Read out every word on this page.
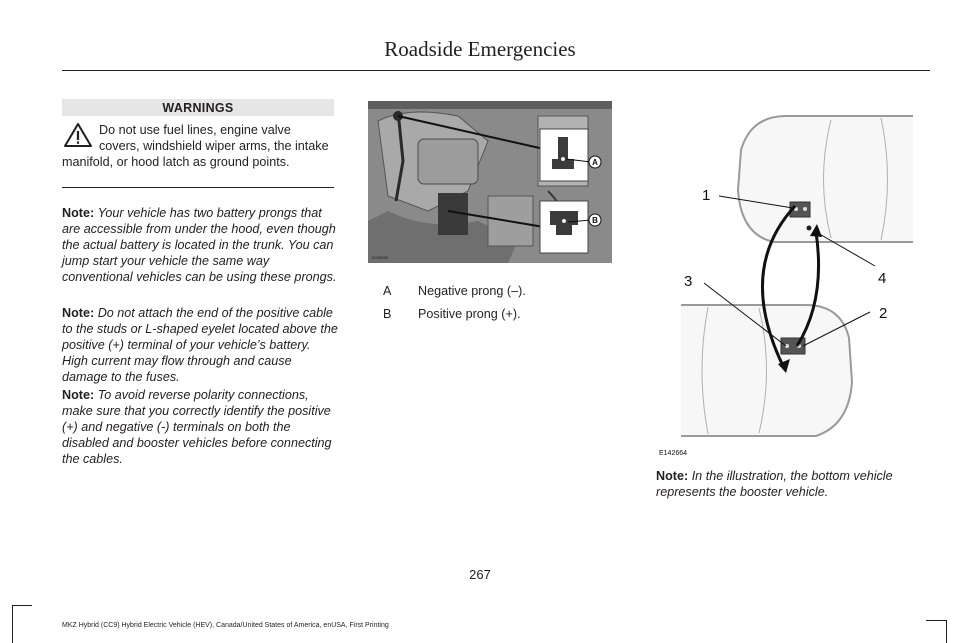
Roadside Emergencies
WARNINGS
Do not use fuel lines, engine valve covers, windshield wiper arms, the intake manifold, or hood latch as ground points.
Note: Your vehicle has two battery prongs that are accessible from under the hood, even though the actual battery is located in the trunk. You can jump start your vehicle the same way conventional vehicles can be using these prongs.
Note: Do not attach the end of the positive cable to the studs or L-shaped eyelet located above the positive (+) terminal of your vehicle’s battery. High current may flow through and cause damage to the fuses.
Note: To avoid reverse polarity connections, make sure that you correctly identify the positive (+) and negative (-) terminals on both the disabled and booster vehicles before connecting the cables.
A
B
E208096
A Negative prong (–).
B Positive prong (+).
1
2
3	4
E142664
Note: In the illustration, the bottom vehicle represents the booster vehicle.
267
MKZ Hybrid (CC9) Hybrid Electric Vehicle (HEV), Canada/United States of America, enUSA, First Printing
